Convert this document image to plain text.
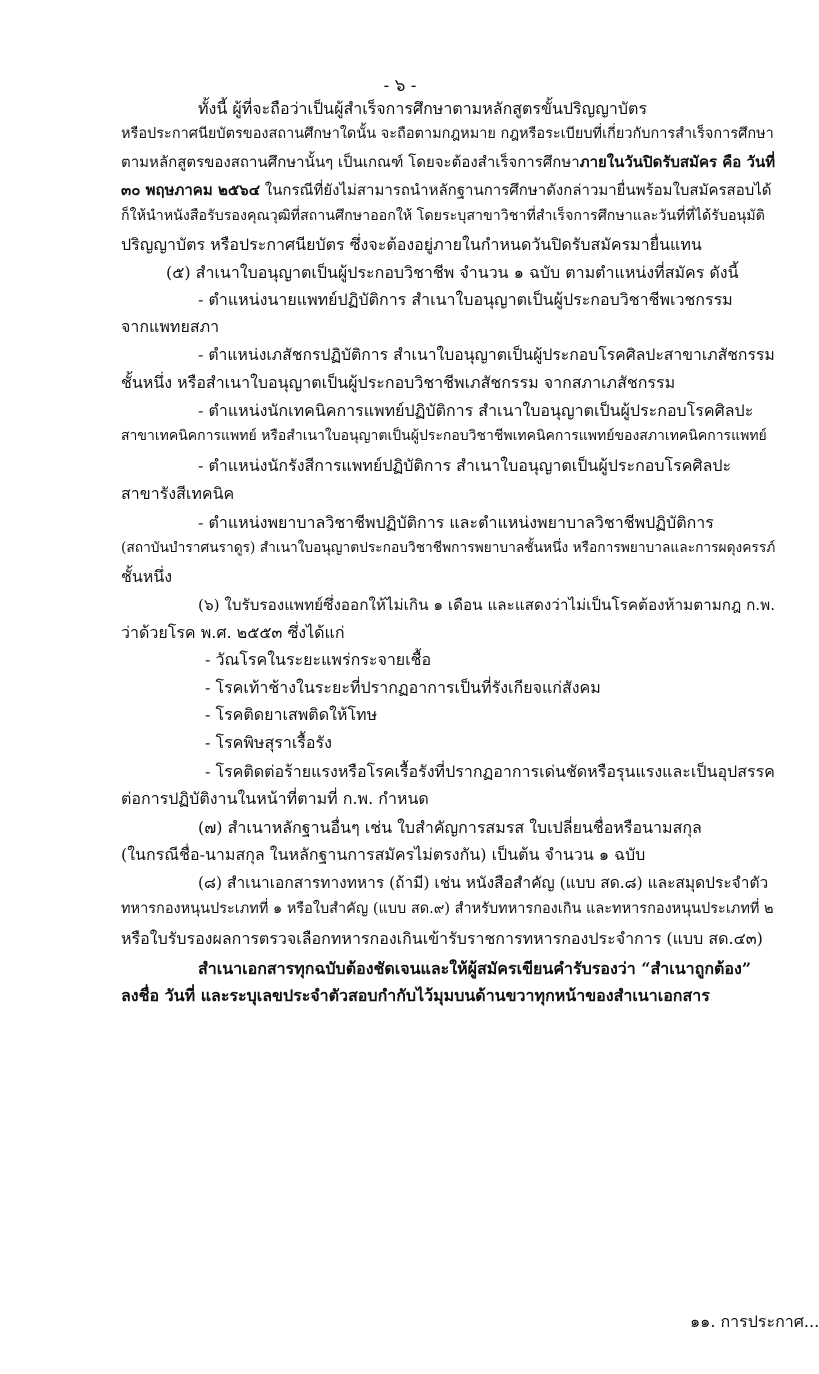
- ๖ -
ทั้งนี้ ผู้ที่จะถือว่าเป็นผู้สำเร็จการศึกษาตามหลักสูตรขั้นปริญญาบัตร
หรือประกาศนียบัตรของสถานศึกษาใดนั้น จะถือตามกฎหมาย กฎหรือระเบียบที่เกี่ยวกับการสำเร็จการศึกษา
ตามหลักสูตรของสถานศึกษานั้นๆ เป็นเกณฑ์ โดยจะต้องสำเร็จการศึกษาภายในวันปิดรับสมัคร คือ วันที่
๓๐ พฤษภาคม ๒๕๖๔ ในกรณีที่ยังไม่สามารถนำหลักฐานการศึกษาดังกล่าวมายื่นพร้อมใบสมัครสอบได้
ก็ให้นำหนังสือรับรองคุณวุฒิที่สถานศึกษาออกให้ โดยระบุสาขาวิชาที่สำเร็จการศึกษาและวันที่ที่ได้รับอนุมัติ
ปริญญาบัตร หรือประกาศนียบัตร ซึ่งจะต้องอยู่ภายในกำหนดวันปิดรับสมัครมายื่นแทน
(๕) สำเนาใบอนุญาตเป็นผู้ประกอบวิชาชีพ จำนวน ๑ ฉบับ ตามตำแหน่งที่สมัคร ดังนี้
- ตำแหน่งนายแพทย์ปฏิบัติการ สำเนาใบอนุญาตเป็นผู้ประกอบวิชาชีพเวชกรรม
จากแพทยสภา
- ตำแหน่งเภสัชกรปฏิบัติการ สำเนาใบอนุญาตเป็นผู้ประกอบโรคศิลปะสาขาเภสัชกรรม
ชั้นหนึ่ง หรือสำเนาใบอนุญาตเป็นผู้ประกอบวิชาชีพเภสัชกรรม จากสภาเภสัชกรรม
- ตำแหน่งนักเทคนิคการแพทย์ปฏิบัติการ สำเนาใบอนุญาตเป็นผู้ประกอบโรคศิลปะ
สาขาเทคนิคการแพทย์ หรือสำเนาใบอนุญาตเป็นผู้ประกอบวิชาชีพเทคนิคการแพทย์ของสภาเทคนิคการแพทย์
- ตำแหน่งนักรังสีการแพทย์ปฏิบัติการ สำเนาใบอนุญาตเป็นผู้ประกอบโรคศิลปะ
สาขารังสีเทคนิค
- ตำแหน่งพยาบาลวิชาชีพปฏิบัติการ และตำแหน่งพยาบาลวิชาชีพปฏิบัติการ
(สถาบันบำราศนราดูร) สำเนาใบอนุญาตประกอบวิชาชีพการพยาบาลชั้นหนึ่ง หรือการพยาบาลและการผดุงครรภ์
ชั้นหนึ่ง
(๖) ใบรับรองแพทย์ซึ่งออกให้ไม่เกิน ๑ เดือน และแสดงว่าไม่เป็นโรคต้องห้ามตามกฎ ก.พ.
ว่าด้วยโรค พ.ศ. ๒๕๕๓ ซึ่งได้แก่
- วัณโรคในระยะแพร่กระจายเชื้อ
- โรคเท้าช้างในระยะที่ปรากฏอาการเป็นที่รังเกียจแก่สังคม
- โรคติดยาเสพติดให้โทษ
- โรคพิษสุราเรื้อรัง
- โรคติดต่อร้ายแรงหรือโรคเรื้อรังที่ปรากฏอาการเด่นชัดหรือรุนแรงและเป็นอุปสรรค
ต่อการปฏิบัติงานในหน้าที่ตามที่ ก.พ. กำหนด
(๗) สำเนาหลักฐานอื่นๆ เช่น ใบสำคัญการสมรส ใบเปลี่ยนชื่อหรือนามสกุล
(ในกรณีชื่อ-นามสกุล ในหลักฐานการสมัครไม่ตรงกัน) เป็นต้น จำนวน ๑ ฉบับ
(๘) สำเนาเอกสารทางทหาร (ถ้ามี) เช่น หนังสือสำคัญ (แบบ สด.๘) และสมุดประจำตัว
ทหารกองหนุนประเภทที่ ๑ หรือใบสำคัญ (แบบ สด.๙) สำหรับทหารกองเกิน และทหารกองหนุนประเภทที่ ๒
หรือใบรับรองผลการตรวจเลือกทหารกองเกินเข้ารับราชการทหารกองประจำการ (แบบ สด.๔๓)
สำเนาเอกสารทุกฉบับต้องชัดเจนและให้ผู้สมัครเขียนคำรับรองว่า “สำเนาถูกต้อง”
ลงชื่อ วันที่ และระบุเลขประจำตัวสอบกำกับไว้มุมบนด้านขวาทุกหน้าของสำเนาเอกสาร
๑๑. การประกาศ...
